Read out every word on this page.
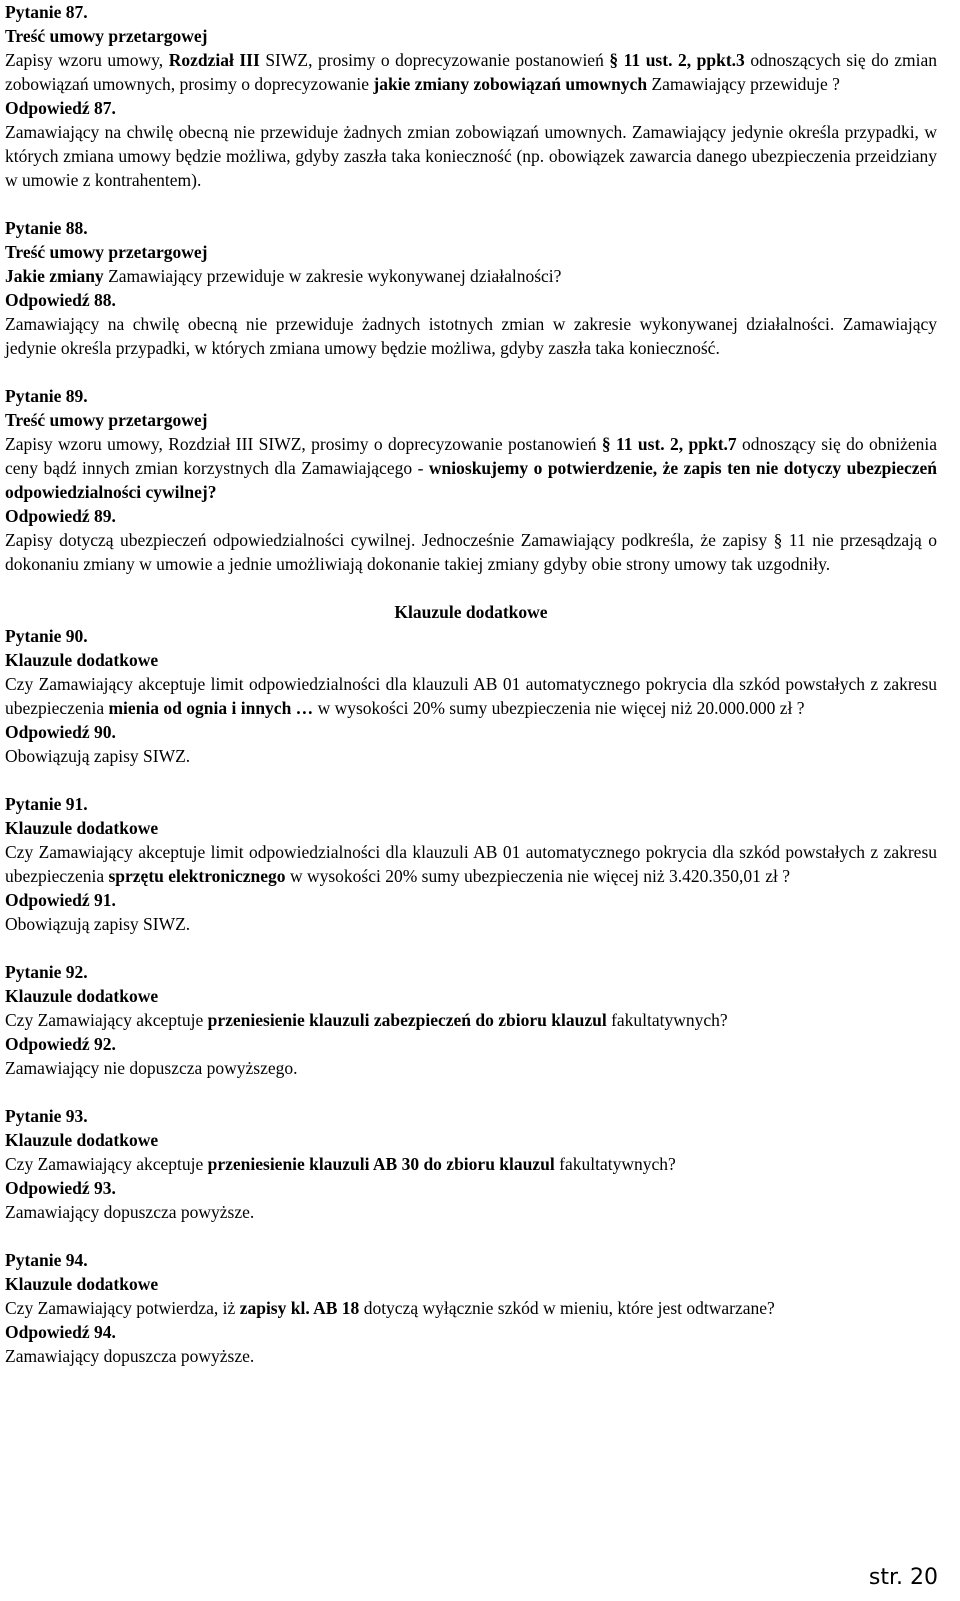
Pytanie 87.

Treść umowy przetargowej

Zapisy wzoru umowy, Rozdział III SIWZ, prosimy o doprecyzowanie postanowień § 11 ust. 2, ppkt.3 odnoszących się do zmian zobowiązań umownych, prosimy o doprecyzowanie jakie zmiany zobowiązań umownych Zamawiający przewiduje ?

Odpowiedź 87.

Zamawiający na chwilę obecną nie przewiduje żadnych zmian zobowiązań umownych. Zamawiający jedynie określa przypadki, w których zmiana umowy będzie możliwa, gdyby zaszła taka konieczność (np. obowiązek zawarcia danego ubezpieczenia przeidziany w umowie z kontrahentem).

Pytanie 88.

Treść umowy przetargowej

Jakie zmiany Zamawiający przewiduje w zakresie wykonywanej działalności?

Odpowiedź 88.

Zamawiający na chwilę obecną nie przewiduje żadnych istotnych zmian w zakresie wykonywanej działalności. Zamawiający jedynie określa przypadki, w których zmiana umowy będzie możliwa, gdyby zaszła taka konieczność.

Pytanie 89.

Treść umowy przetargowej

Zapisy wzoru umowy, Rozdział III SIWZ, prosimy o doprecyzowanie postanowień § 11 ust. 2, ppkt.7 odnoszący się do obniżenia ceny bądź innych zmian korzystnych dla Zamawiającego - wnioskujemy o potwierdzenie, że zapis ten nie dotyczy ubezpieczeń odpowiedzialności cywilnej?

Odpowiedź 89.

Zapisy dotyczą ubezpieczeń odpowiedzialności cywilnej. Jednocześnie Zamawiający podkreśla, że zapisy § 11 nie przesądzają o dokonaniu zmiany w umowie a jednie umożliwiają dokonanie takiej zmiany gdyby obie strony umowy tak uzgodniły.

Klauzule dodatkowe

Pytanie 90.

Klauzule dodatkowe

Czy Zamawiający akceptuje limit odpowiedzialności dla klauzuli AB 01 automatycznego pokrycia dla szkód powstałych z zakresu ubezpieczenia mienia od ognia i innych … w wysokości 20% sumy ubezpieczenia nie więcej niż 20.000.000 zł ?

Odpowiedź 90.

Obowiązują zapisy SIWZ.

Pytanie 91.

Klauzule dodatkowe

Czy Zamawiający akceptuje limit odpowiedzialności dla klauzuli AB 01 automatycznego pokrycia dla szkód powstałych z zakresu ubezpieczenia sprzętu elektronicznego w wysokości 20% sumy ubezpieczenia nie więcej niż 3.420.350,01 zł ?

Odpowiedź 91.

Obowiązują zapisy SIWZ.

Pytanie 92.

Klauzule dodatkowe

Czy Zamawiający akceptuje przeniesienie klauzuli zabezpieczeń do zbioru klauzul fakultatywnych?

Odpowiedź 92.

Zamawiający nie dopuszcza powyższego.

Pytanie 93.

Klauzule dodatkowe

Czy Zamawiający akceptuje przeniesienie klauzuli AB 30 do zbioru klauzul fakultatywnych?

Odpowiedź 93.

Zamawiający dopuszcza powyższe.

Pytanie 94.

Klauzule dodatkowe

Czy Zamawiający potwierdza, iż zapisy kl. AB 18 dotyczą wyłącznie szkód w mieniu, które jest odtwarzane?

Odpowiedź 94.

Zamawiający dopuszcza powyższe.

str. 20
